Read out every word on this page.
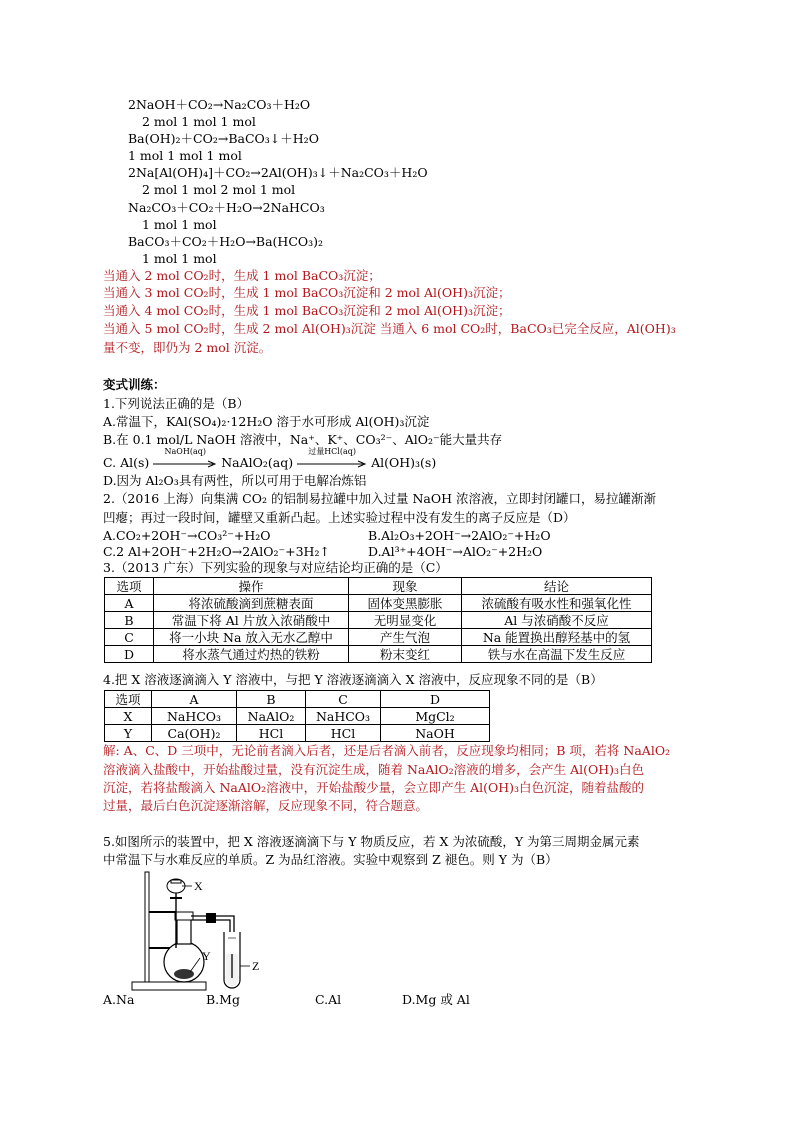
2NaOH＋CO₂→Na₂CO₃＋H₂O
2 mol 1 mol 1 mol
Ba(OH)₂＋CO₂→BaCO₃↓＋H₂O
1 mol 1 mol 1 mol
2Na[Al(OH)₄]＋CO₂→2Al(OH)₃↓＋Na₂CO₃＋H₂O
2 mol 1 mol 2 mol 1 mol
Na₂CO₃＋CO₂＋H₂O→2NaHCO₃
1 mol 1 mol
BaCO₃＋CO₂＋H₂O→Ba(HCO₃)₂
1 mol 1 mol
当通入 2 mol CO₂时，生成 1 mol BaCO₃沉淀；
当通入 3 mol CO₂时，生成 1 mol BaCO₃沉淀和 2 mol Al(OH)₃沉淀；
当通入 4 mol CO₂时，生成 1 mol BaCO₃沉淀和 2 mol Al(OH)₃沉淀；
当通入 5 mol CO₂时，生成 2 mol Al(OH)₃沉淀 当通入 6 mol CO₂时，BaCO₃已完全反应，Al(OH)₃
量不变，即仍为 2 mol 沉淀。
变式训练：
1.下列说法正确的是（B）
A.常温下，KAl(SO₄)₂·12H₂O 溶于水可形成 Al(OH)₃沉淀
B.在 0.1 mol/L NaOH 溶液中，Na⁺、K⁺、CO₃²⁻、AlO₂⁻能大量共存
C. Al(s)
NaOH(aq)
NaAlO₂(aq)
过量HCl(aq)
Al(OH)₃(s)
D.因为 Al₂O₃具有两性，所以可用于电解冶炼铝
2.（2016 上海）向集满 CO₂ 的铝制易拉罐中加入过量 NaOH 浓溶液，立即封闭罐口，易拉罐渐渐
凹瘪；再过一段时间，罐壁又重新凸起。上述实验过程中没有发生的离子反应是（D）
A.CO₂+2OH⁻→CO₃²⁻+H₂O	B.Al₂O₃+2OH⁻→2AlO₂⁻+H₂O
C.2 Al+2OH⁻+2H₂O→2AlO₂⁻+3H₂↑	D.Al³⁺+4OH⁻→AlO₂⁻+2H₂O
3.（2013 广东）下列实验的现象与对应结论均正确的是（C）
选项	操作	现象	结论
A	将浓硫酸滴到蔗糖表面	固体变黑膨胀	浓硫酸有吸水性和强氧化性
B	常温下将 Al 片放入浓硝酸中	无明显变化	Al 与浓硝酸不反应
C	将一小块 Na 放入无水乙醇中	产生气泡	Na 能置换出醇羟基中的氢
D	将水蒸气通过灼热的铁粉	粉末变红	铁与水在高温下发生反应
4.把 X 溶液逐滴滴入 Y 溶液中，与把 Y 溶液逐滴滴入 X 溶液中，反应现象不同的是（B）
选项	A	B	C	D
X	NaHCO₃	NaAlO₂	NaHCO₃	MgCl₂
Y	Ca(OH)₂	HCl	HCl	NaOH
解: A、C、D 三项中，无论前者滴入后者，还是后者滴入前者，反应现象均相同；B 项，若将 NaAlO₂
溶液滴入盐酸中，开始盐酸过量，没有沉淀生成，随着 NaAlO₂溶液的增多，会产生 Al(OH)₃白色
沉淀，若将盐酸滴入 NaAlO₂溶液中，开始盐酸少量，会立即产生 Al(OH)₃白色沉淀，随着盐酸的
过量，最后白色沉淀逐渐溶解，反应现象不同，符合题意。
5.如图所示的装置中，把 X 溶液逐滴滴下与 Y 物质反应，若 X 为浓硫酸，Y 为第三周期金属元素
中常温下与水难反应的单质。Z 为品红溶液。实验中观察到 Z 褪色。则 Y 为（B）
X
Y
Z
A.Na	B.Mg	C.Al	D.Mg 或 Al
